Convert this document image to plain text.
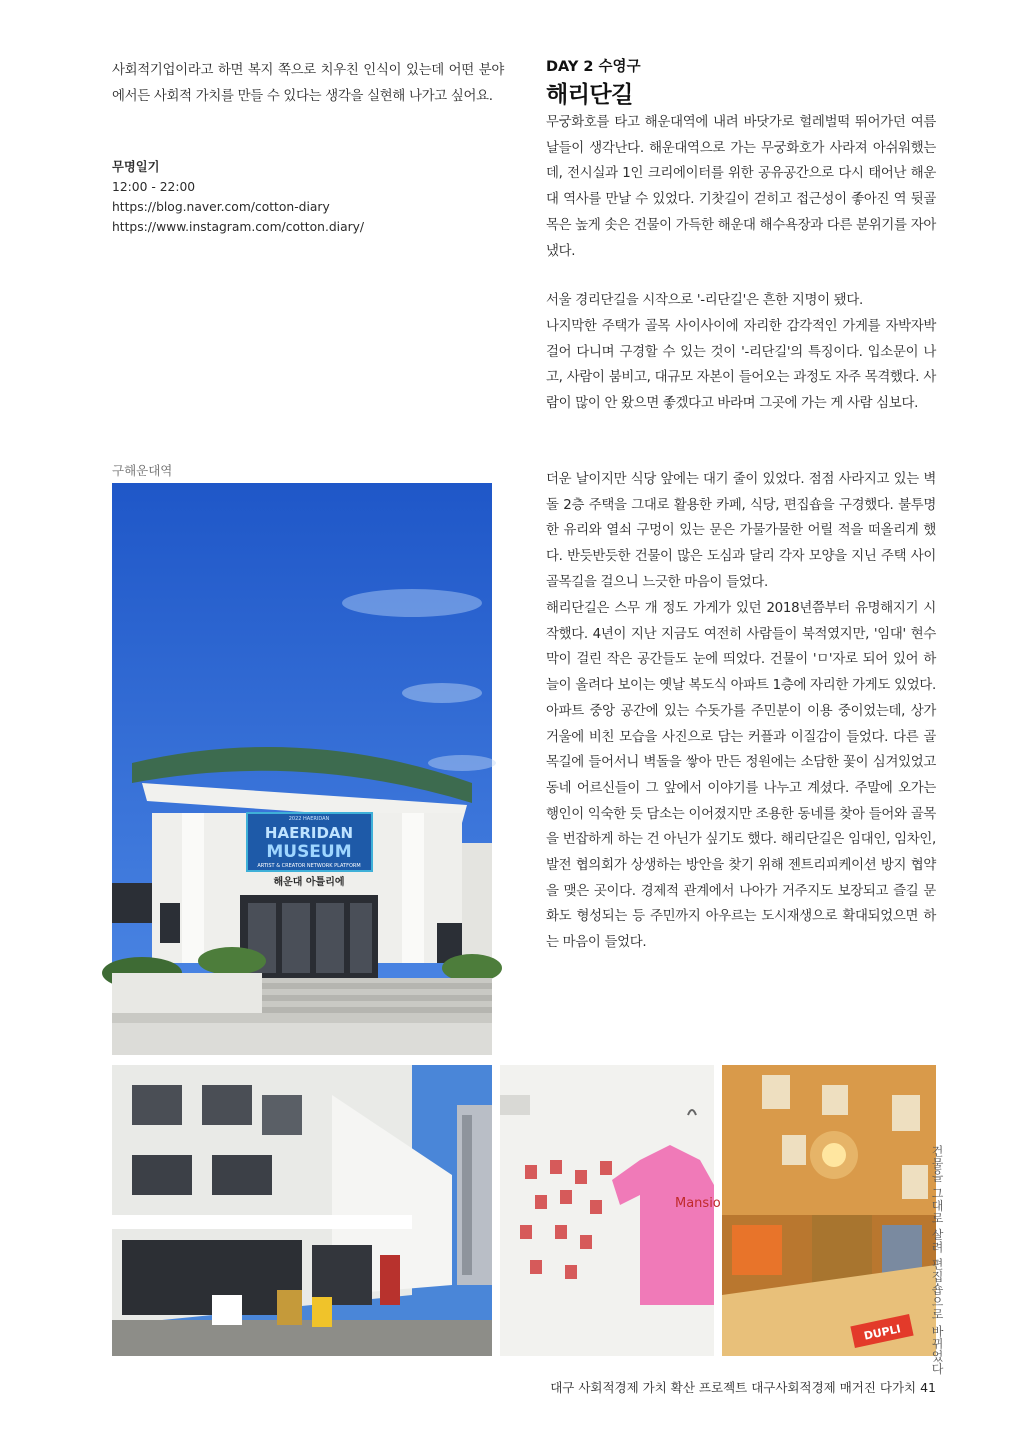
사회적기업이라고 하면 복지 쪽으로 치우친 인식이 있는데 어떤 분야에서든 사회적 가치를 만들 수 있다는 생각을 실현해 나가고 싶어요.
무명일기
12:00 - 22:00
https://blog.naver.com/cotton-diary
https://www.instagram.com/cotton.diary/
DAY 2 수영구
해리단길
무궁화호를 타고 해운대역에 내려 바닷가로 헐레벌떡 뛰어가던 여름날들이 생각난다. 해운대역으로 가는 무궁화호가 사라져 아쉬워했는데, 전시실과 1인 크리에이터를 위한 공유공간으로 다시 태어난 해운대 역사를 만날 수 있었다. 기찻길이 걷히고 접근성이 좋아진 역 뒷골목은 높게 솟은 건물이 가득한 해운대 해수욕장과 다른 분위기를 자아냈다.
서울 경리단길을 시작으로 '-리단길'은 흔한 지명이 됐다.
나지막한 주택가 골목 사이사이에 자리한 감각적인 가게를 자박자박 걸어 다니며 구경할 수 있는 것이 '-리단길'의 특징이다. 입소문이 나고, 사람이 붐비고, 대규모 자본이 들어오는 과정도 자주 목격했다. 사람이 많이 안 왔으면 좋겠다고 바라며 그곳에 가는 게 사람 심보다.
더운 날이지만 식당 앞에는 대기 줄이 있었다. 점점 사라지고 있는 벽돌 2층 주택을 그대로 활용한 카페, 식당, 편집숍을 구경했다. 불투명한 유리와 열쇠 구멍이 있는 문은 가물가물한 어릴 적을 떠올리게 했다. 반듯반듯한 건물이 많은 도심과 달리 각자 모양을 지닌 주택 사이 골목길을 걸으니 느긋한 마음이 들었다.
해리단길은 스무 개 정도 가게가 있던 2018년쯤부터 유명해지기 시작했다. 4년이 지난 지금도 여전히 사람들이 북적였지만, '임대' 현수막이 걸린 작은 공간들도 눈에 띄었다. 건물이 'ㅁ'자로 되어 있어 하늘이 올려다 보이는 옛날 복도식 아파트 1층에 자리한 가게도 있었다. 아파트 중앙 공간에 있는 수돗가를 주민분이 이용 중이었는데, 상가 거울에 비친 모습을 사진으로 담는 커플과 이질감이 들었다. 다른 골목길에 들어서니 벽돌을 쌓아 만든 정원에는 소담한 꽃이 심겨있었고 동네 어르신들이 그 앞에서 이야기를 나누고 계셨다. 주말에 오가는 행인이 익숙한 듯 담소는 이어졌지만 조용한 동네를 찾아 들어와 골목을 번잡하게 하는 건 아닌가 싶기도 했다. 해리단길은 임대인, 임차인, 발전 협의회가 상생하는 방안을 찾기 위해 젠트리피케이션 방지 협약을 맺은 곳이다. 경제적 관계에서 나아가 거주지도 보장되고 즐길 문화도 형성되는 등 주민까지 아우르는 도시재생으로 확대되었으면 하는 마음이 들었다.
구해운대역
2022 HAERIDAN
HAERIDAN
MUSEUM
ARTIST & CREATOR NETWORK PLATFORM
해운대 아틀리에
Mansio
DUPLI 건물을 그대로 살려 편집숍으로 바뀌었다
대구 사회적경제 가치 확산 프로젝트 대구사회적경제 매거진 다가치 41
